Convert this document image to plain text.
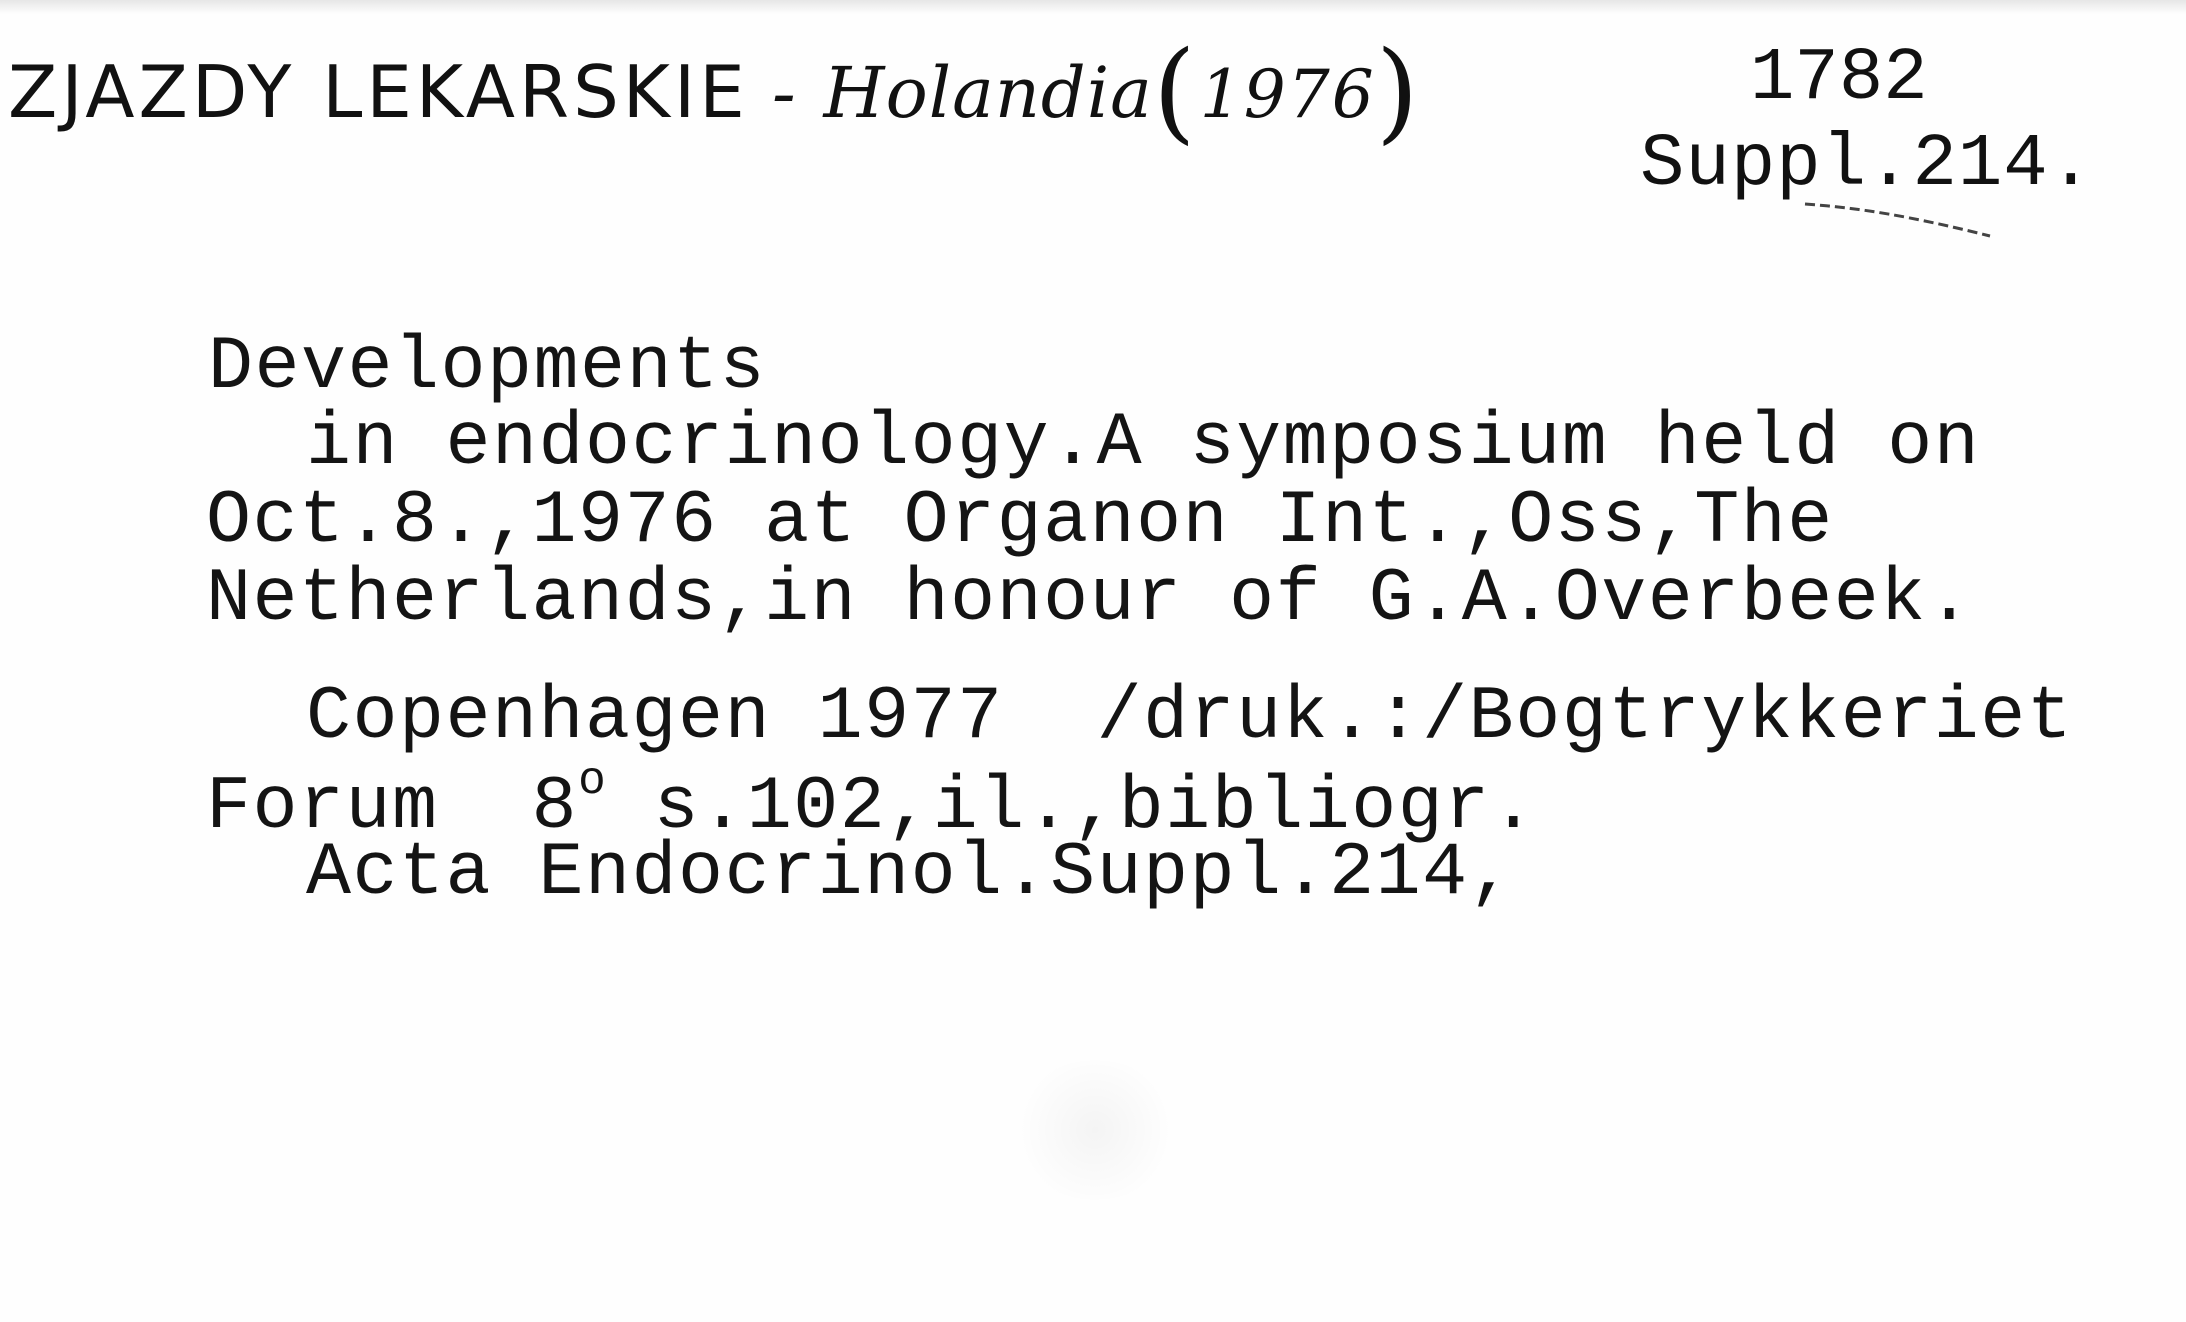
ZJAZDY LEKARSKIE - Holandia(1976)	1782
Suppl.214.
Developments
in endocrinology.A symposium held on
Oct.8.,1976 at Organon Int.,Oss,The
Netherlands,in honour of G.A.Overbeek.
Copenhagen 1977  /druk.:/Bogtrykkeriet
Forum  8$^o$ s.102,il.,bibliogr.
Acta Endocrinol.Suppl.214,
